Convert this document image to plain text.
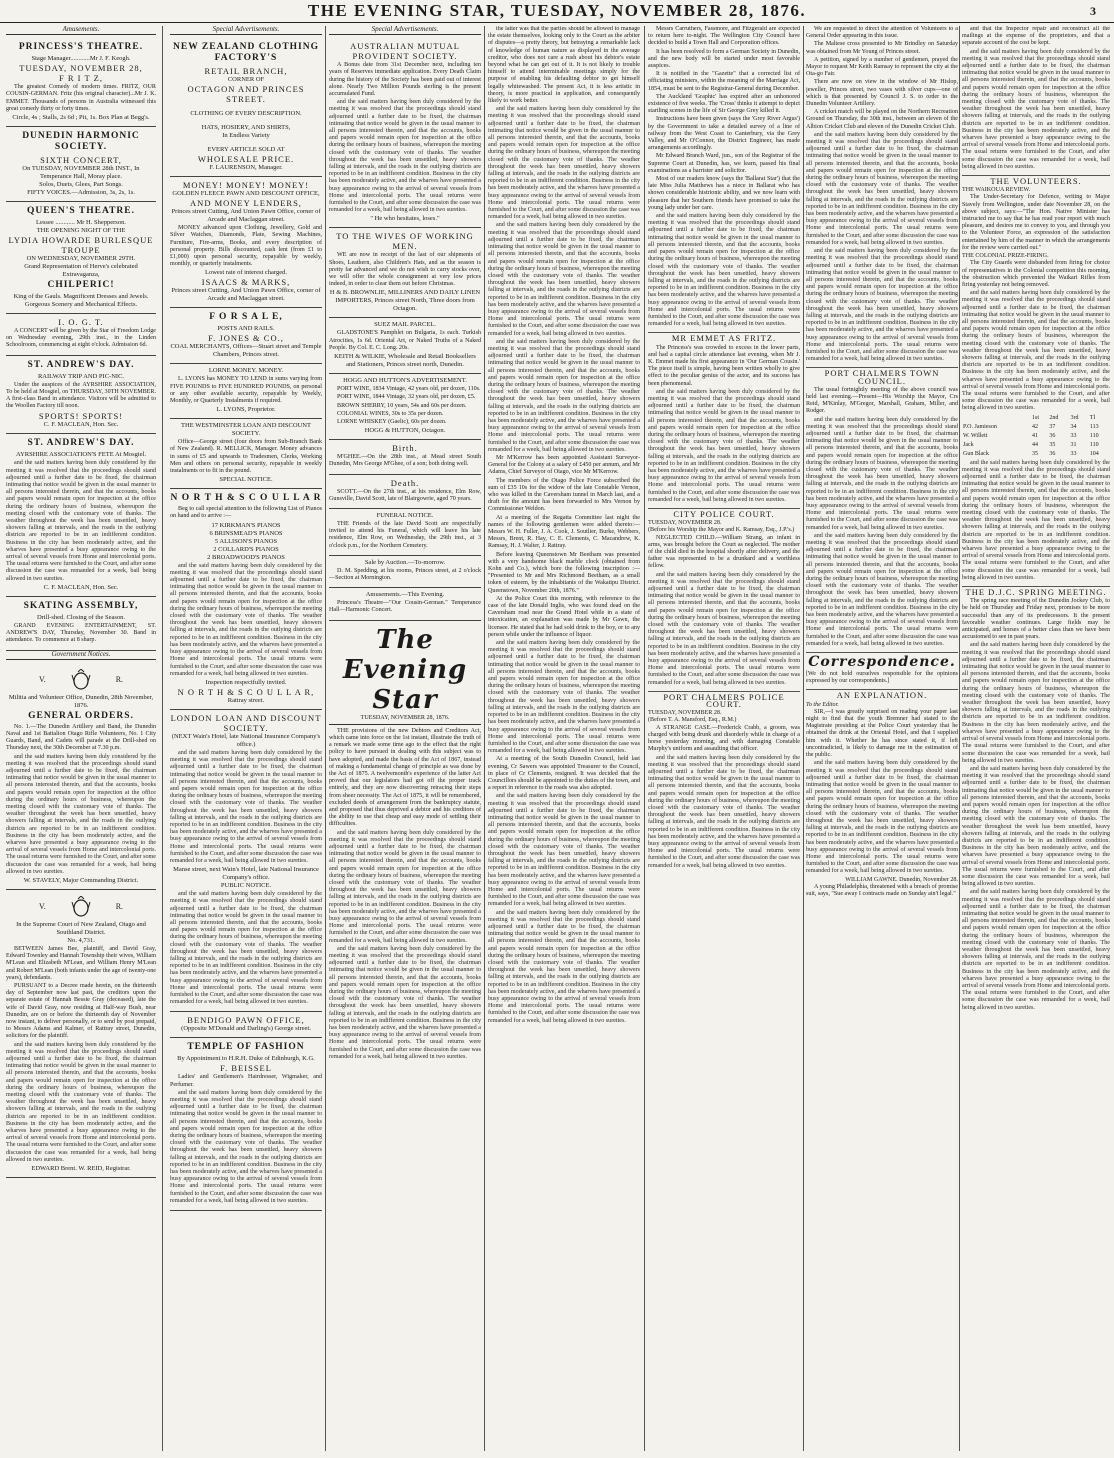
THE EVENING STAR, TUESDAY, NOVEMBER 28, 1876.	3
Amusements.
PRINCESS'S THEATRE.
Stage Manager............Mr J. F. Keogh.
TUESDAY, NOVEMBER 28,
F R I T Z,

The greatest Comedy of modern times. FRITZ, OUR COUSIN-GERMAN. Fritz (his original character)...Mr J. K. EMMET. Thousands of persons in Australia witnessed this great comedy thirty or forty times.

Circle, 4s ; Stalls, 2s 6d ; Pit, 1s. Box Plan at Begg's.
DUNEDIN HARMONIC SOCIETY.
SIXTH CONCERT,
On TUESDAY, NOVEMBER 28th INST., In Temperance Hall, Moray place.
Solos, Duets, Glees, Part Songs.
FIFTY VOICES.—Admission, 3s, 2s, 1s.
QUEEN'S THEATRE.
Lessee ............ Mr H. Shepperson.
THE OPENING NIGHT OF THE
LYDIA HOWARDE BURLESQUE TROUPE
ON WEDNESDAY, NOVEMBER 29TH.
Grand Representation of Herve's celebrated Extravaganza,
CHILPERIC!
King of the Gauls. Magnificent Dresses and Jewels. Gorgeous Scenery and Mechanical Effects.
I. O. G. T.

A CONCERT will be given by the Star of Freedom Lodge on Wednesday evening, 29th inst., in the Linden Schoolroom, commencing at eight o'clock. Admission 6d.

ST. ANDREW'S DAY.
RAILWAY TRIP AND PIC-NIC.

Under the auspices of the AYRSHIRE ASSOCIATION, To be held at Mosgiel, on THURSDAY, 30TH NOVEMBER. A first-class Band in attendance. Visitors will be admitted to the Woollen Factory till noon.

SPORTS! SPORTS!
C. F. MACLEAN, Hon. Sec.
ST. ANDREW'S DAY.
AYRSHIRE ASSOCIATION'S FETE At Mosgiel.

and the said matters having been duly considered by the meeting it was resolved that the proceedings should stand adjourned until a further date to be fixed, the chairman intimating that notice would be given in the usual manner to all persons interested therein, and that the accounts, books and papers would remain open for inspection at the office during the ordinary hours of business, whereupon the meeting closed with the customary vote of thanks. The weather throughout the week has been unsettled, heavy showers falling at intervals, and the roads in the outlying districts are reported to be in an indifferent condition. Business in the city has been moderately active, and the wharves have presented a busy appearance owing to the arrival of several vessels from Home and intercolonial ports. The usual returns were furnished to the Court, and after some discussion the case was remanded for a week, bail being allowed in two sureties.

C. F. MACLEAN, Hon. Sec.
SKATING ASSEMBLY,
Drill-shed. Closing of the Season.

GRAND EVENING ENTERTAINMENT, ST. ANDREW'S DAY, Thursday, November 30. Band in attendance. To commence at 8 sharp.

Government Notices.
V.	R.
Militia and Volunteer Office, Dunedin, 28th November, 1876.
GENERAL ORDERS.

No. 1.—The Dunedin Artillery and Band, the Dunedin Naval and 1st Battalion Otago Rifle Volunteers, No. 1 City Guards, Band, and Cadets will parade at the Drill-shed on Thursday next, the 30th December at 7.30 p.m.

and the said matters having been duly considered by the meeting it was resolved that the proceedings should stand adjourned until a further date to be fixed, the chairman intimating that notice would be given in the usual manner to all persons interested therein, and that the accounts, books and papers would remain open for inspection at the office during the ordinary hours of business, whereupon the meeting closed with the customary vote of thanks. The weather throughout the week has been unsettled, heavy showers falling at intervals, and the roads in the outlying districts are reported to be in an indifferent condition. Business in the city has been moderately active, and the wharves have presented a busy appearance owing to the arrival of several vessels from Home and intercolonial ports. The usual returns were furnished to the Court, and after some discussion the case was remanded for a week, bail being allowed in two sureties.

W. STAVELY, Major Commanding District.
V.	R.
In the Supreme Court of New Zealand, Otago and Southland District.
No. 4,731.

BETWEEN James Bee, plaintiff, and David Gray, Edward Townley and Hannah Township their wives, William M'Lean and Elizabeth M'Lean, and William Henry M'Lean and Robert M'Lean (both infants under the age of twenty-one years), defendants.

PURSUANT to a Decree made herein, on the thirteenth day of September now last past, the creditors upon the separate estate of Hannah Bessie Gray (deceased), late the wife of David Gray, now residing at Half-way Bush, near Dunedin, are on or before the thirteenth day of November now instant, to deliver personally, or to send by post prepaid, to Messrs Adams and Kalmer, of Rattray street, Dunedin, solicitors for the plaintiff.

and the said matters having been duly considered by the meeting it was resolved that the proceedings should stand adjourned until a further date to be fixed, the chairman intimating that notice would be given in the usual manner to all persons interested therein, and that the accounts, books and papers would remain open for inspection at the office during the ordinary hours of business, whereupon the meeting closed with the customary vote of thanks. The weather throughout the week has been unsettled, heavy showers falling at intervals, and the roads in the outlying districts are reported to be in an indifferent condition. Business in the city has been moderately active, and the wharves have presented a busy appearance owing to the arrival of several vessels from Home and intercolonial ports. The usual returns were furnished to the Court, and after some discussion the case was remanded for a week, bail being allowed in two sureties.

EDWARD Brent. W. REID, Registrar.
Special Advertisements.
NEW ZEALAND CLOTHING FACTORY'S
RETAIL BRANCH,
CORNER OF
OCTAGON AND PRINCES STREET.
CLOTHING OF EVERY DESCRIPTION.
HATS, HOSIERY, AND SHIRTS,
In Endless Variety
EVERY ARTICLE SOLD AT
WHOLESALE PRICE.
F. LAURENSON, Manager.
MONEY! MONEY! MONEY!
GOLDEN FLEECE PAWN AND DISCOUNT OFFICE,
AND MONEY LENDERS,
Princes street Cutting, And Union Pawn Office, corner of Arcade and Maclaggan street.

MONEY advanced upon Clothing, Jewellery, Gold and Silver Watches, Diamonds, Plate, Sewing Machines, Furniture, Fire-arms, Books, and every description of personal property. Bills discounted, cash lent (from £1 to £1,000) upon personal security, repayable by weekly, monthly, or quarterly instalments.

Lowest rate of interest charged.
ISAACS & MARKS,
Princes street Cutting, And Union Pawn Office, corner of Arcade and Maclaggan street.
F O R S A L E,
POSTS AND RAILS.
F. JONES & CO.,
COAL MERCHANTS, Offices—Stuart street and Temple Chambers, Princes street.
LORNE MONEY. MONEY.

L. LYONS has MONEY TO LEND in sums varying from FIVE POUNDS to FIVE HUNDRED POUNDS, on personal or any other available security, repayable by Weekly, Monthly, or Quarterly Instalments if required.

L. LYONS, Proprietor.
THE WESTMINSTER LOAN AND DISCOUNT SOCIETY.

Office—George street (four doors from Sub-Branch Bank of New Zealand). R. MELLICK, Manager. Money advances in sums of £5 and upwards to Tradesmen, Clerks, Working Men and others on personal security, repayable in weekly instalments or to fit in the pound.

SPECIAL NOTICE.
N O R T H & S C O U L L A R

Beg to call special attention to the following List of Pianos on hand and to arrive :—

17 KIRKMAN'S PIANOS
6 BRINSMEAD'S PIANOS
5 ALLISON'S PIANOS
2 COLLARD'S PIANOS
2 BROADWOOD'S PIANOS

and the said matters having been duly considered by the meeting it was resolved that the proceedings should stand adjourned until a further date to be fixed, the chairman intimating that notice would be given in the usual manner to all persons interested therein, and that the accounts, books and papers would remain open for inspection at the office during the ordinary hours of business, whereupon the meeting closed with the customary vote of thanks. The weather throughout the week has been unsettled, heavy showers falling at intervals, and the roads in the outlying districts are reported to be in an indifferent condition. Business in the city has been moderately active, and the wharves have presented a busy appearance owing to the arrival of several vessels from Home and intercolonial ports. The usual returns were furnished to the Court, and after some discussion the case was remanded for a week, bail being allowed in two sureties.

Inspection respectfully invited.
N O R T H & S C O U L L A R,
Rattray street.
LONDON LOAN AND DISCOUNT SOCIETY.
(NEXT Wain's Hotel, late National Insurance Company's office.)

and the said matters having been duly considered by the meeting it was resolved that the proceedings should stand adjourned until a further date to be fixed, the chairman intimating that notice would be given in the usual manner to all persons interested therein, and that the accounts, books and papers would remain open for inspection at the office during the ordinary hours of business, whereupon the meeting closed with the customary vote of thanks. The weather throughout the week has been unsettled, heavy showers falling at intervals, and the roads in the outlying districts are reported to be in an indifferent condition. Business in the city has been moderately active, and the wharves have presented a busy appearance owing to the arrival of several vessels from Home and intercolonial ports. The usual returns were furnished to the Court, and after some discussion the case was remanded for a week, bail being allowed in two sureties.

Manse street, next Wain's Hotel, late National Insurance Company's office.
PUBLIC NOTICE.

and the said matters having been duly considered by the meeting it was resolved that the proceedings should stand adjourned until a further date to be fixed, the chairman intimating that notice would be given in the usual manner to all persons interested therein, and that the accounts, books and papers would remain open for inspection at the office during the ordinary hours of business, whereupon the meeting closed with the customary vote of thanks. The weather throughout the week has been unsettled, heavy showers falling at intervals, and the roads in the outlying districts are reported to be in an indifferent condition. Business in the city has been moderately active, and the wharves have presented a busy appearance owing to the arrival of several vessels from Home and intercolonial ports. The usual returns were furnished to the Court, and after some discussion the case was remanded for a week, bail being allowed in two sureties.

BENDIGO PAWN OFFICE,
(Opposite M'Donald and Darling's) George street.
TEMPLE OF FASHION
By Appointment to H.R.H. Duke of Edinburgh, K.G.
F. BEISSEL

Ladies' and Gentlemen's Hairdresser, Wigmaker, and Perfumer.

and the said matters having been duly considered by the meeting it was resolved that the proceedings should stand adjourned until a further date to be fixed, the chairman intimating that notice would be given in the usual manner to all persons interested therein, and that the accounts, books and papers would remain open for inspection at the office during the ordinary hours of business, whereupon the meeting closed with the customary vote of thanks. The weather throughout the week has been unsettled, heavy showers falling at intervals, and the roads in the outlying districts are reported to be in an indifferent condition. Business in the city has been moderately active, and the wharves have presented a busy appearance owing to the arrival of several vessels from Home and intercolonial ports. The usual returns were furnished to the Court, and after some discussion the case was remanded for a week, bail being allowed in two sureties.

Special Advertisements.
AUSTRALIAN MUTUAL PROVIDENT SOCIETY.

A Bonus date from 31st December next, including ten years of Reserves immediate application. Every Death Claim during the history of the Society has been paid out of interest alone. Nearly Two Million Pounds sterling is the present accumulated Fund.

and the said matters having been duly considered by the meeting it was resolved that the proceedings should stand adjourned until a further date to be fixed, the chairman intimating that notice would be given in the usual manner to all persons interested therein, and that the accounts, books and papers would remain open for inspection at the office during the ordinary hours of business, whereupon the meeting closed with the customary vote of thanks. The weather throughout the week has been unsettled, heavy showers falling at intervals, and the roads in the outlying districts are reported to be in an indifferent condition. Business in the city has been moderately active, and the wharves have presented a busy appearance owing to the arrival of several vessels from Home and intercolonial ports. The usual returns were furnished to the Court, and after some discussion the case was remanded for a week, bail being allowed in two sureties.

" He who hesitates, loses."
TO THE WIVES OF WORKING MEN.

WE are now in receipt of the last of our shipments of Shoes, Leathern, also Children's Hats, and as the season is pretty far advanced and we do not wish to carry stocks over, we will offer the whole consignment at very low prices indeed, in order to clear them out before Christmas.

H & B. BROWNLIE, MILLINERS AND DAILY LINEN IMPORTERS, Princes street North, Three doors from Octagon.
SUEZ MAIL PARCEL.

GLADSTONE'S Pamphlet on Bulgaria, 1s each. Turkish Atrocities, 1s 6d. Oriental Art, or Naked Truths of a Naked People. By Col. E. C. Long. 20s.

KEITH & WILKIE, Wholesale and Retail Booksellers and Stationers, Princes street north, Dunedin.
HOGG AND HUTTON'S ADVERTISEMENT.

PORT WINE, 1834 Vintage, 42 years old, per dozen, 110s.

PORT WINE, 1844 Vintage, 32 years old, per dozen, £5.

BROWN SHERRY, 10 years, 54s and 60s per dozen.

COLONIAL WINES, 30s to 35s per dozen.

LORNE WHISKEY (Gaelic), 60s per dozen.

HOGG & HUTTON, Octagon.
Birth.

M'GHEE.—On the 28th inst., at Mead street South Dunedin, Mrs George M'Ghee, of a son; both doing well.

Death.

SCOTT.—On the 27th inst., at his residence, Elm Row, Gunsville, David Scott, late of Blairgowrie, aged 70 years.

FUNERAL NOTICE.

THE Friends of the late David Scott are respectfully invited to attend his Funeral, which will leave his late residence, Elm Row, on Wednesday, the 29th inst., at 3 o'clock p.m., for the Northern Cemetery.

Sale by Auction.—To-morrow.

D. M. Spedding, at his rooms, Princes street, at 2 o'clock—Section at Mornington.

Amusements.—This Evening.

Princess's Theatre—"Our Cousin-German." Temperance Hall—Harmonic Concert.

The Evening Star
TUESDAY, NOVEMBER 28, 1876.

THE provisions of the new Debtors and Creditors Act, which came into force on the 1st instant, illustrate the truth of a remark we made some time ago to the effect that the right policy to have pursued in dealing with this subject was to have adopted, and made the basis of the Act of 1867, instead of making a fundamental change of principle as was done by the Act of 1875. A twelvemonth's experience of the latter Act proved that our legislators had got off the proper track entirely, and they are now discovering retracing their steps from sheer necessity. The Act of 1875, it will be remembered, excluded deeds of arrangement from the bankruptcy statute, and proposed that thus deprived a debtor and his creditors of the ability to use that cheap and easy mode of settling their difficulties.

and the said matters having been duly considered by the meeting it was resolved that the proceedings should stand adjourned until a further date to be fixed, the chairman intimating that notice would be given in the usual manner to all persons interested therein, and that the accounts, books and papers would remain open for inspection at the office during the ordinary hours of business, whereupon the meeting closed with the customary vote of thanks. The weather throughout the week has been unsettled, heavy showers falling at intervals, and the roads in the outlying districts are reported to be in an indifferent condition. Business in the city has been moderately active, and the wharves have presented a busy appearance owing to the arrival of several vessels from Home and intercolonial ports. The usual returns were furnished to the Court, and after some discussion the case was remanded for a week, bail being allowed in two sureties.

and the said matters having been duly considered by the meeting it was resolved that the proceedings should stand adjourned until a further date to be fixed, the chairman intimating that notice would be given in the usual manner to all persons interested therein, and that the accounts, books and papers would remain open for inspection at the office during the ordinary hours of business, whereupon the meeting closed with the customary vote of thanks. The weather throughout the week has been unsettled, heavy showers falling at intervals, and the roads in the outlying districts are reported to be in an indifferent condition. Business in the city has been moderately active, and the wharves have presented a busy appearance owing to the arrival of several vessels from Home and intercolonial ports. The usual returns were furnished to the Court, and after some discussion the case was remanded for a week, bail being allowed in two sureties.

the latter was that the parties should be allowed to manage the estate themselves, looking only to the Court as the arbiter of disputes—a pretty theory, but betraying a remarkable lack of knowledge of human nature as displayed in the average creditor, who does not care a rush about his debtor's estate beyond what he can get out of it. It is not likely to trouble himself to attend interminable meetings simply for the purpose of enabling his defaulting debtor to get himself legally whitewashed. The present Act, it is less artistic in theory, is more practical in application, and consequently likely to work better.

and the said matters having been duly considered by the meeting it was resolved that the proceedings should stand adjourned until a further date to be fixed, the chairman intimating that notice would be given in the usual manner to all persons interested therein, and that the accounts, books and papers would remain open for inspection at the office during the ordinary hours of business, whereupon the meeting closed with the customary vote of thanks. The weather throughout the week has been unsettled, heavy showers falling at intervals, and the roads in the outlying districts are reported to be in an indifferent condition. Business in the city has been moderately active, and the wharves have presented a busy appearance owing to the arrival of several vessels from Home and intercolonial ports. The usual returns were furnished to the Court, and after some discussion the case was remanded for a week, bail being allowed in two sureties.

and the said matters having been duly considered by the meeting it was resolved that the proceedings should stand adjourned until a further date to be fixed, the chairman intimating that notice would be given in the usual manner to all persons interested therein, and that the accounts, books and papers would remain open for inspection at the office during the ordinary hours of business, whereupon the meeting closed with the customary vote of thanks. The weather throughout the week has been unsettled, heavy showers falling at intervals, and the roads in the outlying districts are reported to be in an indifferent condition. Business in the city has been moderately active, and the wharves have presented a busy appearance owing to the arrival of several vessels from Home and intercolonial ports. The usual returns were furnished to the Court, and after some discussion the case was remanded for a week, bail being allowed in two sureties.

and the said matters having been duly considered by the meeting it was resolved that the proceedings should stand adjourned until a further date to be fixed, the chairman intimating that notice would be given in the usual manner to all persons interested therein, and that the accounts, books and papers would remain open for inspection at the office during the ordinary hours of business, whereupon the meeting closed with the customary vote of thanks. The weather throughout the week has been unsettled, heavy showers falling at intervals, and the roads in the outlying districts are reported to be in an indifferent condition. Business in the city has been moderately active, and the wharves have presented a busy appearance owing to the arrival of several vessels from Home and intercolonial ports. The usual returns were furnished to the Court, and after some discussion the case was remanded for a week, bail being allowed in two sureties.

Mr M'Kerrow has been appointed Assistant Surveyor-General for the Colony at a salary of £450 per annum, and Mr Adams, Chief Surveyor of Otago, vice Mr M'Kerrow.

The members of the Otago Police Force subscribed the sum of £35 10s for the widow of the late Constable Vernon, who was killed in the Caversham tunnel in March last, and a draft for the amount has been forwarded to Mrs Vernon by Commissioner Weldon.

At a meeting of the Regatta Committee last night the names of the following gentlemen were added thereto:—Messrs W. H. Fuller, J. A. Cook, J. Soutlier, Burke, Webbers, Messrs, Brent, R. Hay, C. E. Clements, C. Macandrew, K. Ramsay, H. J. Walter, J. Rattray.

Before leaving Queenstown Mr Beetham was presented with a very handsome black marble clock (obtained from Kohn and Co.), which bore the following inscription :— "Presented to Mr and Mrs Richmond Beetham, as a small token of esteem, by the inhabitants of the Wakatipu District. Queenstown, November 20th, 1876."

At the Police Court this morning, with reference to the case of the late Donald Inglis, who was found dead on the Caversham road near the Grand Hotel while in a state of intoxication, an explanation was made by Mr Gawn, the licensee. He stated that he had sold drink to the boy, or to any person while under the influence of liquor.

and the said matters having been duly considered by the meeting it was resolved that the proceedings should stand adjourned until a further date to be fixed, the chairman intimating that notice would be given in the usual manner to all persons interested therein, and that the accounts, books and papers would remain open for inspection at the office during the ordinary hours of business, whereupon the meeting closed with the customary vote of thanks. The weather throughout the week has been unsettled, heavy showers falling at intervals, and the roads in the outlying districts are reported to be in an indifferent condition. Business in the city has been moderately active, and the wharves have presented a busy appearance owing to the arrival of several vessels from Home and intercolonial ports. The usual returns were furnished to the Court, and after some discussion the case was remanded for a week, bail being allowed in two sureties.

At a meeting of the South Dunedin Council, held last evening, Cr Sawers was appointed Treasurer to the Council, in place of Cr Clements, resigned. It was decided that the Councillors should be appointed to the duties of the town, and a report in reference to the roads was also adopted.

and the said matters having been duly considered by the meeting it was resolved that the proceedings should stand adjourned until a further date to be fixed, the chairman intimating that notice would be given in the usual manner to all persons interested therein, and that the accounts, books and papers would remain open for inspection at the office during the ordinary hours of business, whereupon the meeting closed with the customary vote of thanks. The weather throughout the week has been unsettled, heavy showers falling at intervals, and the roads in the outlying districts are reported to be in an indifferent condition. Business in the city has been moderately active, and the wharves have presented a busy appearance owing to the arrival of several vessels from Home and intercolonial ports. The usual returns were furnished to the Court, and after some discussion the case was remanded for a week, bail being allowed in two sureties.

and the said matters having been duly considered by the meeting it was resolved that the proceedings should stand adjourned until a further date to be fixed, the chairman intimating that notice would be given in the usual manner to all persons interested therein, and that the accounts, books and papers would remain open for inspection at the office during the ordinary hours of business, whereupon the meeting closed with the customary vote of thanks. The weather throughout the week has been unsettled, heavy showers falling at intervals, and the roads in the outlying districts are reported to be in an indifferent condition. Business in the city has been moderately active, and the wharves have presented a busy appearance owing to the arrival of several vessels from Home and intercolonial ports. The usual returns were furnished to the Court, and after some discussion the case was remanded for a week, bail being allowed in two sureties.

Messrs Carruthers, Fassmore, and Fitzgerald are expected to return here to-night. The Wellington City Council have decided to build a Town Hall and Corporation offices.

It has been resolved to form a German Society in Dunedin, and the new body will be started under most favorable auspices.

It is notified in the "Gazette" that a corrected list of officiating ministers, within the meaning of the Marriage Act, 1854, must be sent to the Registrar-General during December.

The Auckland 'Graphic' has expired after an unhonored existence of five weeks. The 'Cross' thinks it attempt to depict startling scenes in the life of Sir George Grey killed it.

Instructions have been given (says the 'Grey River Argus') by the Government to take a detailed survey of a line of railway from the West Coast to Canterbury, via the Grey Valley, and Mr O'Connor, the District Engineer, has made arrangements accordingly.

Mr Edward Branch Ward, jun., son of the Registrar of the Supreme Court at Dunedin, has, we learn, passed his final examinations as a barrister and solicitor.

Most of our readers know (says the 'Ballarat Star') that the late Miss Julia Matthews has a niece in Ballarat who has shown considerable histrionic ability, and we now learn with pleasure that her Southern friends have promised to take the young lady under her care.

and the said matters having been duly considered by the meeting it was resolved that the proceedings should stand adjourned until a further date to be fixed, the chairman intimating that notice would be given in the usual manner to all persons interested therein, and that the accounts, books and papers would remain open for inspection at the office during the ordinary hours of business, whereupon the meeting closed with the customary vote of thanks. The weather throughout the week has been unsettled, heavy showers falling at intervals, and the roads in the outlying districts are reported to be in an indifferent condition. Business in the city has been moderately active, and the wharves have presented a busy appearance owing to the arrival of several vessels from Home and intercolonial ports. The usual returns were furnished to the Court, and after some discussion the case was remanded for a week, bail being allowed in two sureties.

MR EMMET AS FRITZ.

The Princess's was crowded to excess in the lower parts, and had a capital circle attendance last evening, when Mr J. K. Emmet made his first appearance in 'Our German Cousin.' The piece itself is simple, having been written wholly to give effect to the peculiar genius of the actor, and its success has been phenomenal.

and the said matters having been duly considered by the meeting it was resolved that the proceedings should stand adjourned until a further date to be fixed, the chairman intimating that notice would be given in the usual manner to all persons interested therein, and that the accounts, books and papers would remain open for inspection at the office during the ordinary hours of business, whereupon the meeting closed with the customary vote of thanks. The weather throughout the week has been unsettled, heavy showers falling at intervals, and the roads in the outlying districts are reported to be in an indifferent condition. Business in the city has been moderately active, and the wharves have presented a busy appearance owing to the arrival of several vessels from Home and intercolonial ports. The usual returns were furnished to the Court, and after some discussion the case was remanded for a week, bail being allowed in two sureties.

CITY POLICE COURT.
TUESDAY, NOVEMBER 28.
(Before his Worship the Mayor and K. Ramsay, Esq., J.P.'s.)

NEGLECTED CHILD.—William Strang, an infant in arms, was brought before the Court as neglected. The mother of the child died in the hospital shortly after delivery, and the father was represented to be a drunkard and a worthless fellow.

and the said matters having been duly considered by the meeting it was resolved that the proceedings should stand adjourned until a further date to be fixed, the chairman intimating that notice would be given in the usual manner to all persons interested therein, and that the accounts, books and papers would remain open for inspection at the office during the ordinary hours of business, whereupon the meeting closed with the customary vote of thanks. The weather throughout the week has been unsettled, heavy showers falling at intervals, and the roads in the outlying districts are reported to be in an indifferent condition. Business in the city has been moderately active, and the wharves have presented a busy appearance owing to the arrival of several vessels from Home and intercolonial ports. The usual returns were furnished to the Court, and after some discussion the case was remanded for a week, bail being allowed in two sureties.

PORT CHALMERS POLICE COURT.
TUESDAY, NOVEMBER 28.
(Before T. A. Mansford, Esq., R.M.)

A STRANGE CASE.—Frederick Crabb, a groom, was charged with being drunk and disorderly while in charge of a horse yesterday morning, and with damaging Constable Murphy's uniform and assaulting that officer.

and the said matters having been duly considered by the meeting it was resolved that the proceedings should stand adjourned until a further date to be fixed, the chairman intimating that notice would be given in the usual manner to all persons interested therein, and that the accounts, books and papers would remain open for inspection at the office during the ordinary hours of business, whereupon the meeting closed with the customary vote of thanks. The weather throughout the week has been unsettled, heavy showers falling at intervals, and the roads in the outlying districts are reported to be in an indifferent condition. Business in the city has been moderately active, and the wharves have presented a busy appearance owing to the arrival of several vessels from Home and intercolonial ports. The usual returns were furnished to the Court, and after some discussion the case was remanded for a week, bail being allowed in two sureties.

We are requested to direct the attention of Volunteers to a General Order appearing in this issue.

The Maltese cross presented to Mr Brindley on Saturday was obtained from Mr Young of Princes street.

A petition, signed by a number of gentlemen, prayed the Mayor to request Mr Keith Ramsay to represent the city at the Ota-go Fair.

There are now on view in the window of Mr Hislop, jeweller, Princes street, two vases with silver cups—one of which is that presented by Council J. S. to order to the Dunedin Volunteer Artillery.

A cricket match will be played on the Northern Recreation Ground on Thursday, the 30th inst., between an eleven of the Albion Cricket Club and eleven of the Dunedin Cricket Club.

and the said matters having been duly considered by the meeting it was resolved that the proceedings should stand adjourned until a further date to be fixed, the chairman intimating that notice would be given in the usual manner to all persons interested therein, and that the accounts, books and papers would remain open for inspection at the office during the ordinary hours of business, whereupon the meeting closed with the customary vote of thanks. The weather throughout the week has been unsettled, heavy showers falling at intervals, and the roads in the outlying districts are reported to be in an indifferent condition. Business in the city has been moderately active, and the wharves have presented a busy appearance owing to the arrival of several vessels from Home and intercolonial ports. The usual returns were furnished to the Court, and after some discussion the case was remanded for a week, bail being allowed in two sureties.

and the said matters having been duly considered by the meeting it was resolved that the proceedings should stand adjourned until a further date to be fixed, the chairman intimating that notice would be given in the usual manner to all persons interested therein, and that the accounts, books and papers would remain open for inspection at the office during the ordinary hours of business, whereupon the meeting closed with the customary vote of thanks. The weather throughout the week has been unsettled, heavy showers falling at intervals, and the roads in the outlying districts are reported to be in an indifferent condition. Business in the city has been moderately active, and the wharves have presented a busy appearance owing to the arrival of several vessels from Home and intercolonial ports. The usual returns were furnished to the Court, and after some discussion the case was remanded for a week, bail being allowed in two sureties.

PORT CHALMERS TOWN COUNCIL.

The usual fortnightly meeting of the above council was held last evening.—Present—His Worship the Mayor, Crs Reid, M'Kinlay, M'Gregor, Marshall, Graham, Miller, and Rodger.

and the said matters having been duly considered by the meeting it was resolved that the proceedings should stand adjourned until a further date to be fixed, the chairman intimating that notice would be given in the usual manner to all persons interested therein, and that the accounts, books and papers would remain open for inspection at the office during the ordinary hours of business, whereupon the meeting closed with the customary vote of thanks. The weather throughout the week has been unsettled, heavy showers falling at intervals, and the roads in the outlying districts are reported to be in an indifferent condition. Business in the city has been moderately active, and the wharves have presented a busy appearance owing to the arrival of several vessels from Home and intercolonial ports. The usual returns were furnished to the Court, and after some discussion the case was remanded for a week, bail being allowed in two sureties.

and the said matters having been duly considered by the meeting it was resolved that the proceedings should stand adjourned until a further date to be fixed, the chairman intimating that notice would be given in the usual manner to all persons interested therein, and that the accounts, books and papers would remain open for inspection at the office during the ordinary hours of business, whereupon the meeting closed with the customary vote of thanks. The weather throughout the week has been unsettled, heavy showers falling at intervals, and the roads in the outlying districts are reported to be in an indifferent condition. Business in the city has been moderately active, and the wharves have presented a busy appearance owing to the arrival of several vessels from Home and intercolonial ports. The usual returns were furnished to the Court, and after some discussion the case was remanded for a week, bail being allowed in two sureties.

Correspondence.
[We do not hold ourselves responsible for the opinions expressed by our correspondents.]
AN EXPLANATION.
To the Editor.

SIR,—I was greatly surprised on reading your paper last night to find that the youth Bremner had stated to the Magistrate presiding at the Police Court yesterday that he obtained the drink at the Oriental Hotel, and that I supplied him with it. Whether he has since stated it, if left uncontradicted, is likely to damage me in the estimation of the public.

and the said matters having been duly considered by the meeting it was resolved that the proceedings should stand adjourned until a further date to be fixed, the chairman intimating that notice would be given in the usual manner to all persons interested therein, and that the accounts, books and papers would remain open for inspection at the office during the ordinary hours of business, whereupon the meeting closed with the customary vote of thanks. The weather throughout the week has been unsettled, heavy showers falling at intervals, and the roads in the outlying districts are reported to be in an indifferent condition. Business in the city has been moderately active, and the wharves have presented a busy appearance owing to the arrival of several vessels from Home and intercolonial ports. The usual returns were furnished to the Court, and after some discussion the case was remanded for a week, bail being allowed in two sureties.

WILLIAM GAWNE. Dunedin, November 28.

A young Philadelphia, threatened with a breach of promise suit, says, "Sue away I contracts made on Sunday ain't legal."

and that the Inspector repair and reconstruct all the mailings at the expense of the proprietors, and that a separate account of the cost be kept.

and the said matters having been duly considered by the meeting it was resolved that the proceedings should stand adjourned until a further date to be fixed, the chairman intimating that notice would be given in the usual manner to all persons interested therein, and that the accounts, books and papers would remain open for inspection at the office during the ordinary hours of business, whereupon the meeting closed with the customary vote of thanks. The weather throughout the week has been unsettled, heavy showers falling at intervals, and the roads in the outlying districts are reported to be in an indifferent condition. Business in the city has been moderately active, and the wharves have presented a busy appearance owing to the arrival of several vessels from Home and intercolonial ports. The usual returns were furnished to the Court, and after some discussion the case was remanded for a week, bail being allowed in two sureties.

THE VOLUNTEERS.
THE WAIKOUA REVIEW.

The Under-Secretary for Defence, writing to Major Stavely from Wellington, under date November 28, on the above subject, says:—"The Hon. Native Minister has instructed me to say that he has read your report with much pleasure, and desires me to convey to you, and through you to the Volunteer Force, an expression of the satisfaction entertained by him of the manner in which the arrangements for the review were carried out."

THE COLONIAL PRIZE-FIRING.

The City Guards were disbanded from firing for choice of representatives in the Colonial competition this morning, the obstruction which prevented the Waikari Rifles from firing yesterday not being removed.

and the said matters having been duly considered by the meeting it was resolved that the proceedings should stand adjourned until a further date to be fixed, the chairman intimating that notice would be given in the usual manner to all persons interested therein, and that the accounts, books and papers would remain open for inspection at the office during the ordinary hours of business, whereupon the meeting closed with the customary vote of thanks. The weather throughout the week has been unsettled, heavy showers falling at intervals, and the roads in the outlying districts are reported to be in an indifferent condition. Business in the city has been moderately active, and the wharves have presented a busy appearance owing to the arrival of several vessels from Home and intercolonial ports. The usual returns were furnished to the Court, and after some discussion the case was remanded for a week, bail being allowed in two sureties.

	1st	2nd	3rd	Tl
P.O. Jamieson	42	37	34	113
W. Willett	41	36	33	110
Jack	44	35	31	110
Gun Black	35	36	33	104

and the said matters having been duly considered by the meeting it was resolved that the proceedings should stand adjourned until a further date to be fixed, the chairman intimating that notice would be given in the usual manner to all persons interested therein, and that the accounts, books and papers would remain open for inspection at the office during the ordinary hours of business, whereupon the meeting closed with the customary vote of thanks. The weather throughout the week has been unsettled, heavy showers falling at intervals, and the roads in the outlying districts are reported to be in an indifferent condition. Business in the city has been moderately active, and the wharves have presented a busy appearance owing to the arrival of several vessels from Home and intercolonial ports. The usual returns were furnished to the Court, and after some discussion the case was remanded for a week, bail being allowed in two sureties.

THE D.J.C. SPRING MEETING.

The spring race meeting of the Dunedin Jockey Club, to be held on Thursday and Friday next, promises to be more successful than any of its predecessors. It the present favorable weather continues. Large fields may be anticipated, and horses of a better class than we have been accustomed to see in past years.

and the said matters having been duly considered by the meeting it was resolved that the proceedings should stand adjourned until a further date to be fixed, the chairman intimating that notice would be given in the usual manner to all persons interested therein, and that the accounts, books and papers would remain open for inspection at the office during the ordinary hours of business, whereupon the meeting closed with the customary vote of thanks. The weather throughout the week has been unsettled, heavy showers falling at intervals, and the roads in the outlying districts are reported to be in an indifferent condition. Business in the city has been moderately active, and the wharves have presented a busy appearance owing to the arrival of several vessels from Home and intercolonial ports. The usual returns were furnished to the Court, and after some discussion the case was remanded for a week, bail being allowed in two sureties.

and the said matters having been duly considered by the meeting it was resolved that the proceedings should stand adjourned until a further date to be fixed, the chairman intimating that notice would be given in the usual manner to all persons interested therein, and that the accounts, books and papers would remain open for inspection at the office during the ordinary hours of business, whereupon the meeting closed with the customary vote of thanks. The weather throughout the week has been unsettled, heavy showers falling at intervals, and the roads in the outlying districts are reported to be in an indifferent condition. Business in the city has been moderately active, and the wharves have presented a busy appearance owing to the arrival of several vessels from Home and intercolonial ports. The usual returns were furnished to the Court, and after some discussion the case was remanded for a week, bail being allowed in two sureties.

and the said matters having been duly considered by the meeting it was resolved that the proceedings should stand adjourned until a further date to be fixed, the chairman intimating that notice would be given in the usual manner to all persons interested therein, and that the accounts, books and papers would remain open for inspection at the office during the ordinary hours of business, whereupon the meeting closed with the customary vote of thanks. The weather throughout the week has been unsettled, heavy showers falling at intervals, and the roads in the outlying districts are reported to be in an indifferent condition. Business in the city has been moderately active, and the wharves have presented a busy appearance owing to the arrival of several vessels from Home and intercolonial ports. The usual returns were furnished to the Court, and after some discussion the case was remanded for a week, bail being allowed in two sureties.
